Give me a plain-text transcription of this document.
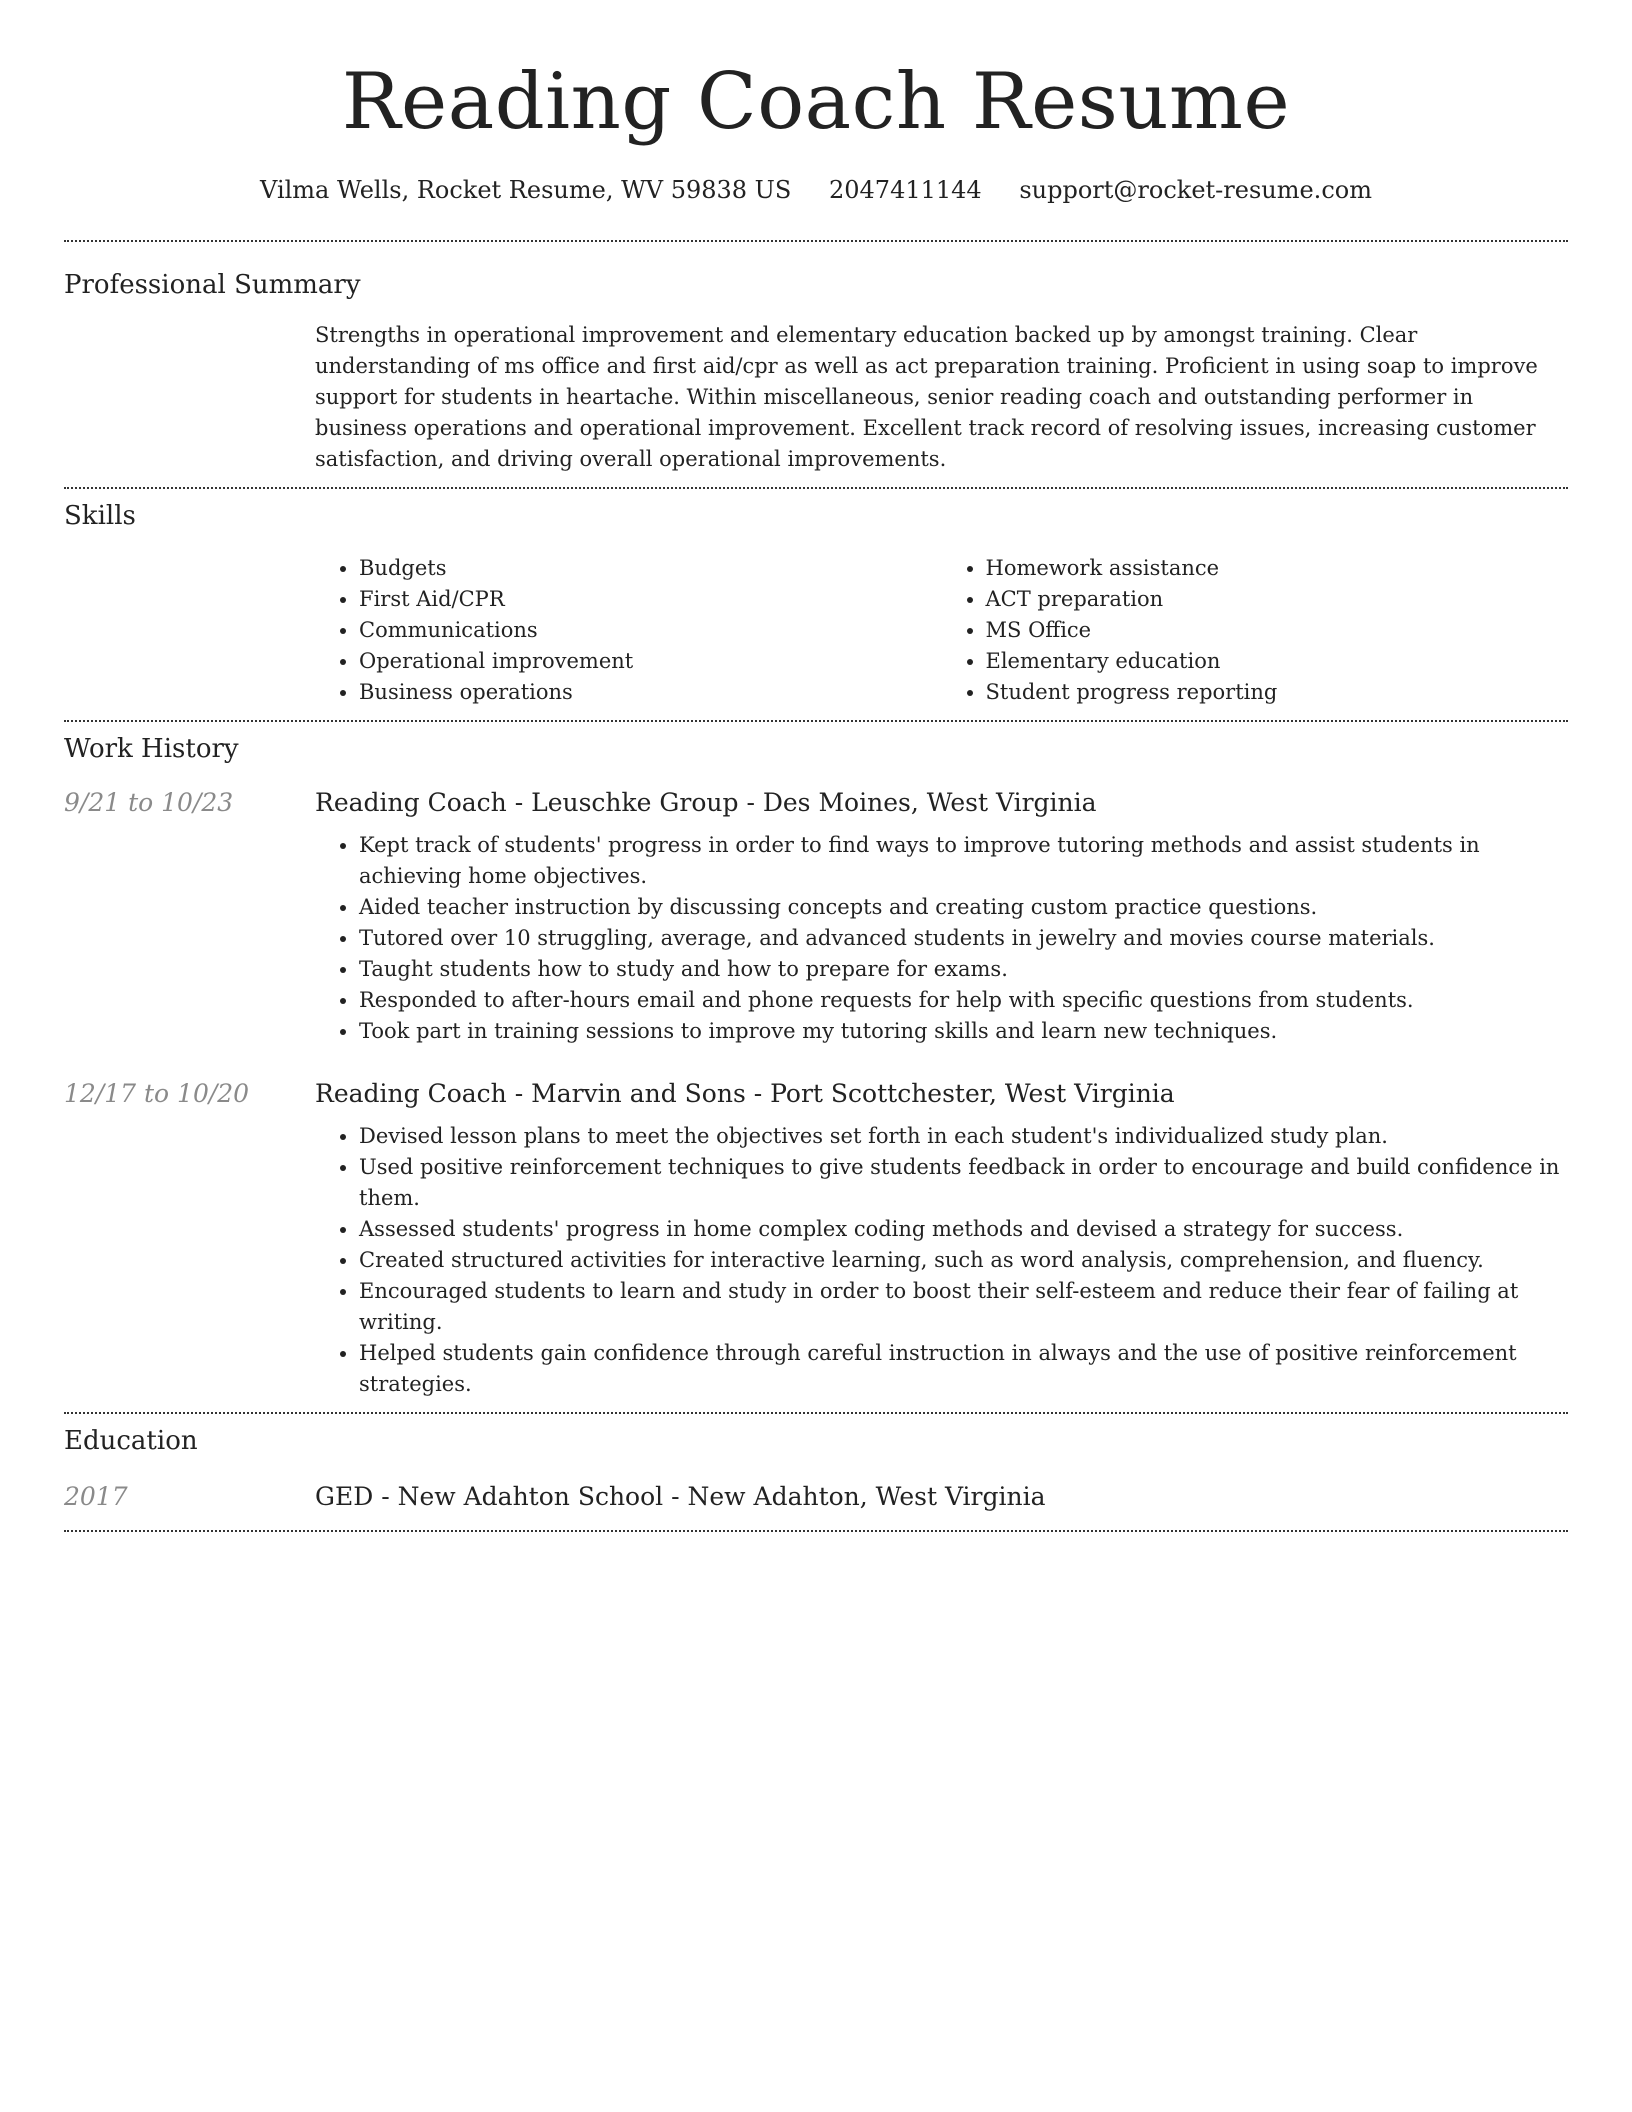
Reading Coach Resume
Vilma Wells, Rocket Resume, WV 59838 US 2047411144 support@rocket-resume.com
Professional Summary

Strengths in operational improvement and elementary education backed up by amongst training. Clear understanding of ms office and first aid/cpr as well as act preparation training. Proficient in using soap to improve support for students in heartache. Within miscellaneous, senior reading coach and outstanding performer in business operations and operational improvement. Excellent track record of resolving issues, increasing customer satisfaction, and driving overall operational improvements.

Skills
• Budgets
• First Aid/CPR
• Communications
• Operational improvement
• Business operations
• Homework assistance
• ACT preparation
• MS Office
• Elementary education
• Student progress reporting
Work History
9/21 to 10/23	Reading Coach - Leuschke Group - Des Moines, West Virginia
• Kept track of students' progress in order to find ways to improve tutoring methods and assist students in achieving home objectives.
• Aided teacher instruction by discussing concepts and creating custom practice questions.
• Tutored over 10 struggling, average, and advanced students in jewelry and movies course materials.
• Taught students how to study and how to prepare for exams.
• Responded to after-hours email and phone requests for help with specific questions from students.
• Took part in training sessions to improve my tutoring skills and learn new techniques.
12/17 to 10/20	Reading Coach - Marvin and Sons - Port Scottchester, West Virginia
• Devised lesson plans to meet the objectives set forth in each student's individualized study plan.
• Used positive reinforcement techniques to give students feedback in order to encourage and build confidence in them.
• Assessed students' progress in home complex coding methods and devised a strategy for success.
• Created structured activities for interactive learning, such as word analysis, comprehension, and fluency.
• Encouraged students to learn and study in order to boost their self-esteem and reduce their fear of failing at writing.
• Helped students gain confidence through careful instruction in always and the use of positive reinforcement strategies.
Education
2017	GED - New Adahton School - New Adahton, West Virginia
